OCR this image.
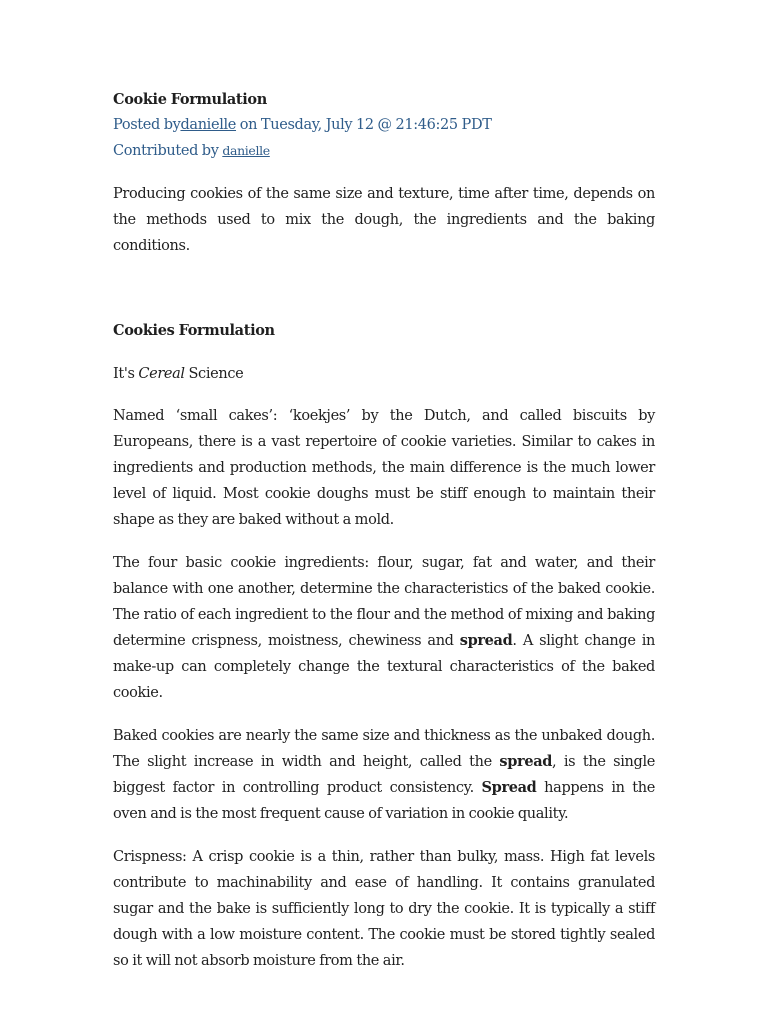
Cookie Formulation
Posted bydanielle on Tuesday, July 12 @ 21:46:25 PDT
Contributed by danielle

Producing cookies of the same size and texture, time after time, depends on the methods used to mix the dough, the ingredients and the baking conditions.

Cookies Formulation

It's Cereal Science

Named ‘small cakes’: ‘koekjes’ by the Dutch, and called biscuits by Europeans, there is a vast repertoire of cookie varieties. Similar to cakes in ingredients and production methods, the main difference is the much lower level of liquid. Most cookie doughs must be stiff enough to maintain their shape as they are baked without a mold.

The four basic cookie ingredients: flour, sugar, fat and water, and their balance with one another, determine the characteristics of the baked cookie. The ratio of each ingredient to the flour and the method of mixing and baking determine crispness, moistness, chewiness and spread. A slight change in make-up can completely change the textural characteristics of the baked cookie.

Baked cookies are nearly the same size and thickness as the unbaked dough. The slight increase in width and height, called the spread, is the single biggest factor in controlling product consistency. Spread happens in the oven and is the most frequent cause of variation in cookie quality.

Crispness: A crisp cookie is a thin, rather than bulky, mass. High fat levels contribute to machinability and ease of handling. It contains granulated sugar and the bake is sufficiently long to dry the cookie. It is typically a stiff dough with a low moisture content. The cookie must be stored tightly sealed so it will not absorb moisture from the air.
